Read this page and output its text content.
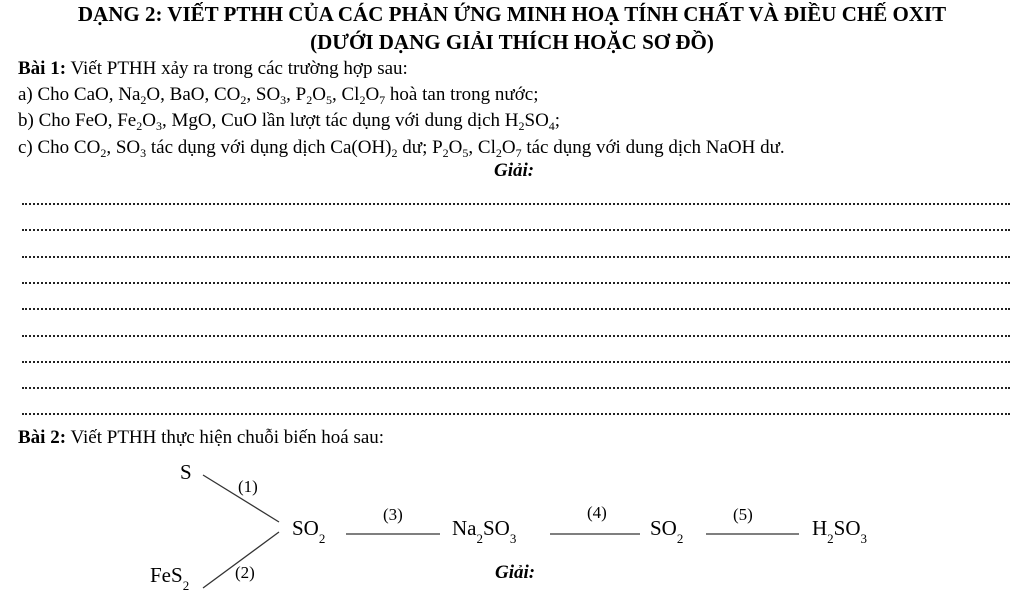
DẠNG 2: VIẾT PTHH CỦA CÁC PHẢN ỨNG MINH HOẠ TÍNH CHẤT VÀ ĐIỀU CHẾ OXIT
(DƯỚI DẠNG GIẢI THÍCH HOẶC SƠ ĐỒ)
Bài 1: Viết PTHH xảy ra trong các trường hợp sau:
a) Cho CaO, $Na_2O$, BaO, $CO_2$, $SO_3$, $P_2O_5$, $Cl_2O_7$ hoà tan trong nước;
b) Cho FeO, $Fe_2O_3$, MgO, CuO lần lượt tác dụng với dung dịch $H_2SO_4$;
c) Cho $CO_2$, $SO_3$ tác dụng với dụng dịch $Ca(OH)_2$ dư; $P_2O_5$, $Cl_2O_7$ tác dụng với dung dịch NaOH dư.
Giải:
Bài 2: Viết PTHH thực hiện chuỗi biến hoá sau:
S
FeS$_2$
$SO_2$	$Na_2SO_3$	$SO_2$	$H_2SO_3$
(1)
(2)
(3)	(4)	(5)
Giải:
